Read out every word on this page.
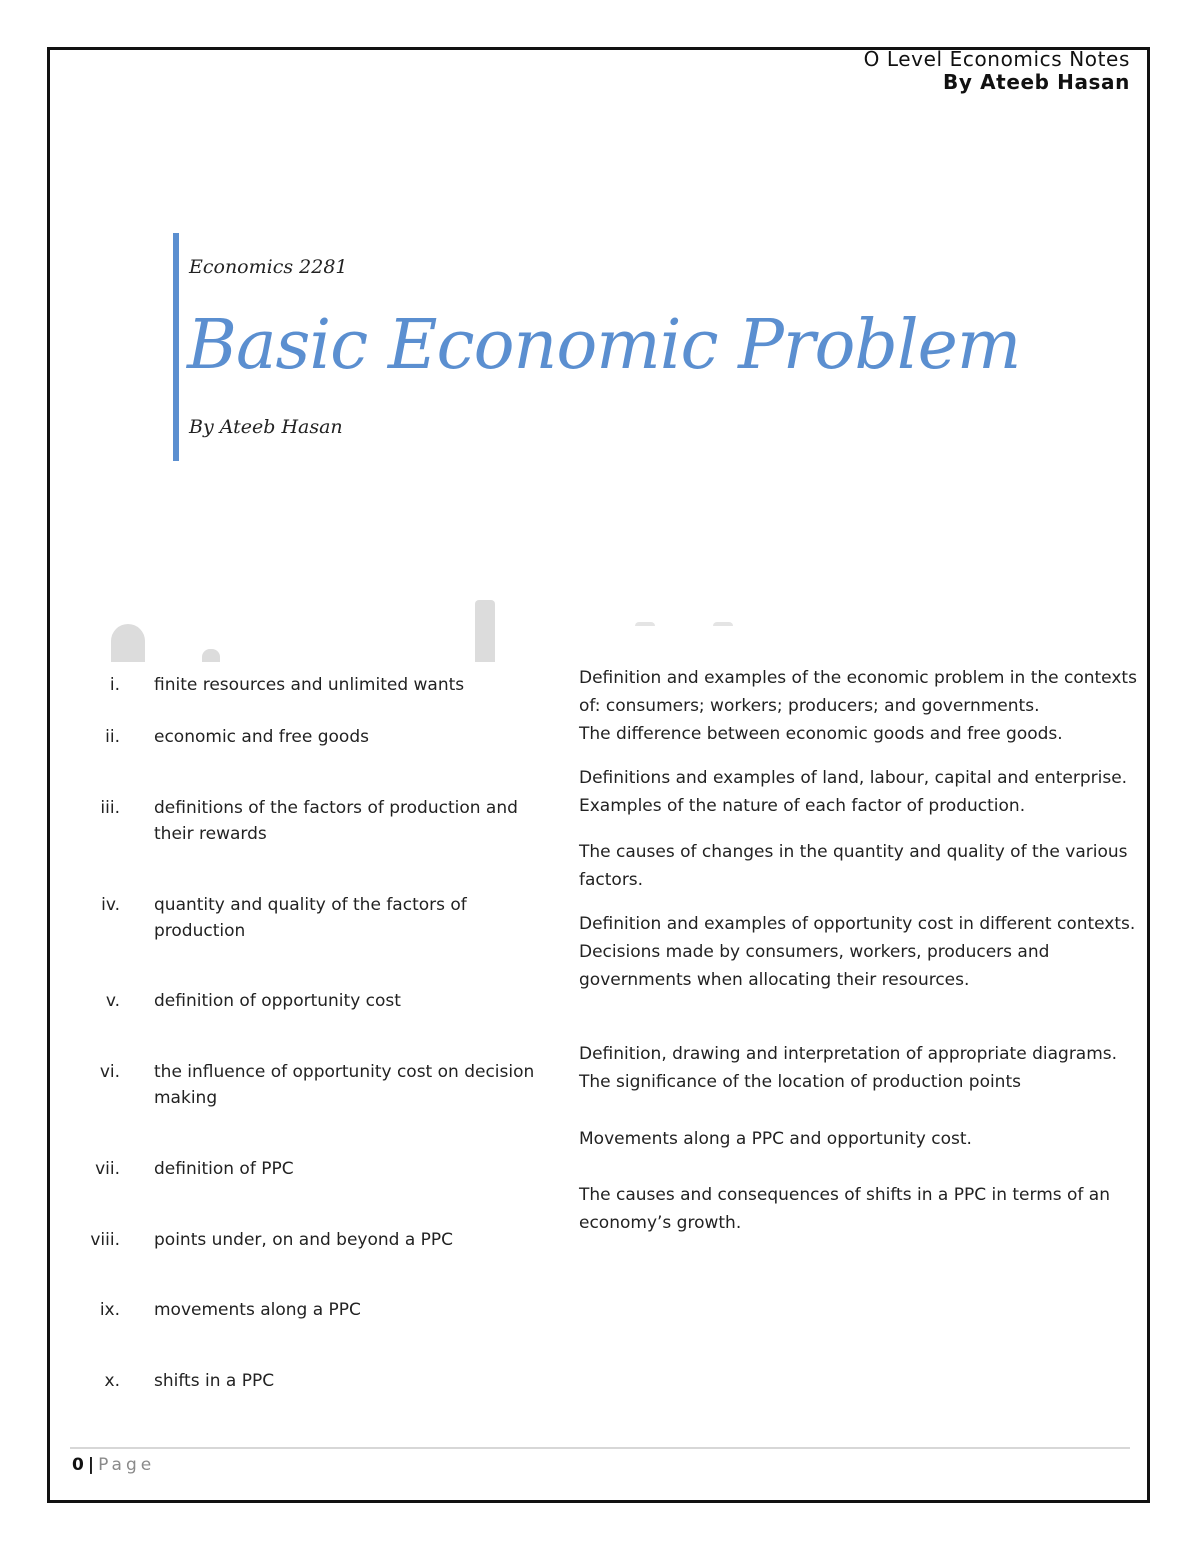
O Level Economics Notes
By Ateeb Hasan
Economics 2281
Basic Economic Problem
By Ateeb Hasan
i. finite resources and unlimited wants
ii. economic and free goods
iii. definitions of the factors of production and their rewards
iv. quantity and quality of the factors of production
v. definition of opportunity cost
vi. the influence of opportunity cost on decision making
vii. definition of PPC
viii. points under, on and beyond a PPC
ix. movements along a PPC
x. shifts in a PPC

Definition and examples of the economic problem in the contexts of: consumers; workers; producers; and governments.

The difference between economic goods and free goods.

Definitions and examples of land, labour, capital and enterprise.

Examples of the nature of each factor of production.

The causes of changes in the quantity and quality of the various factors.

Definition and examples of opportunity cost in different contexts.

Decisions made by consumers, workers, producers and governments when allocating their resources.

Definition, drawing and interpretation of appropriate diagrams.

The significance of the location of production points

Movements along a PPC and opportunity cost.

The causes and consequences of shifts in a PPC in terms of an economy’s growth.

0 | Page
